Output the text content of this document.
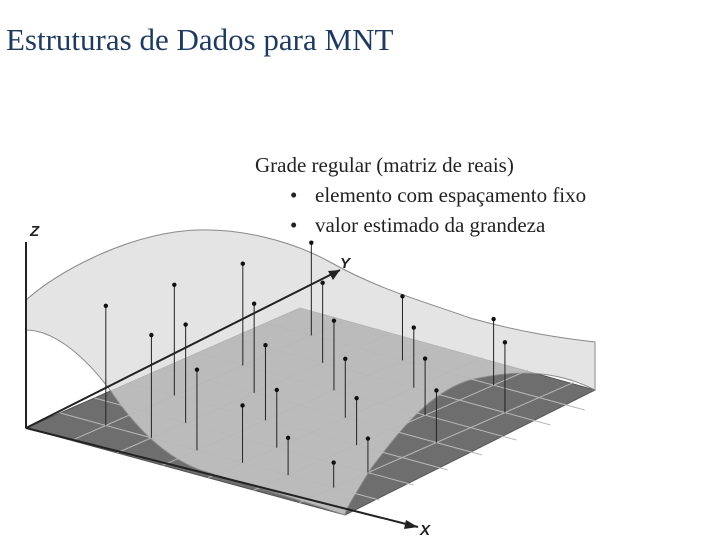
Estruturas de Dados para MNT
Z
Y
X
Grade regular (matriz de reais)
• elemento com espaçamento fixo
• valor estimado da grandeza
